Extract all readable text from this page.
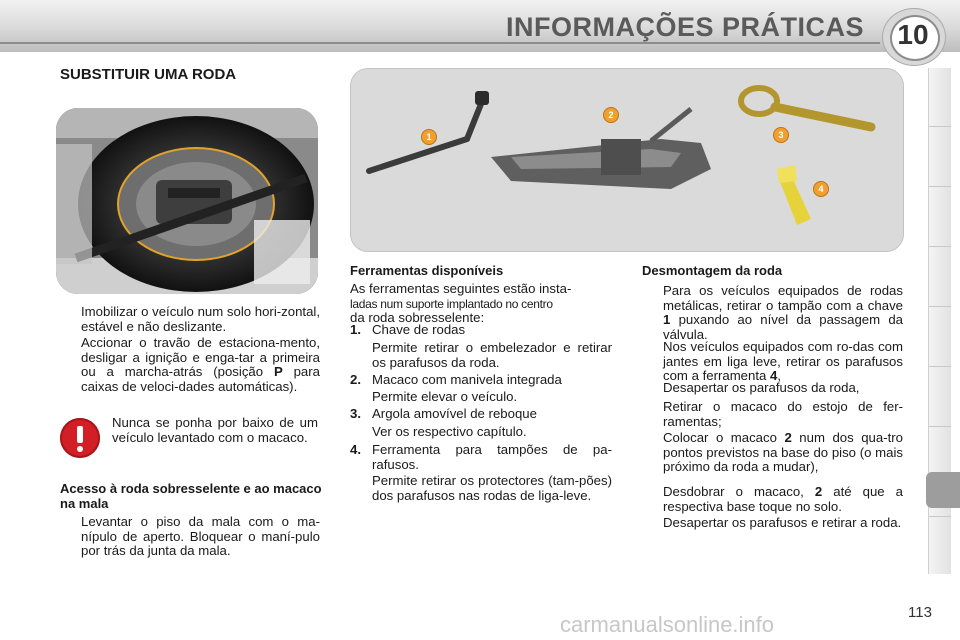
INFORMAÇÕES PRÁTICAS	10
SUBSTITUIR UMA RODA
1
2
3
4
Imobilizar o veículo num solo hori-zontal, estável e não deslizante.
Accionar o travão de estaciona-mento, desligar a ignição e enga-tar a primeira ou a marcha-atrás (posição P para caixas de veloci-dades automáticas).
Nunca se ponha por baixo de um veículo levantado com o macaco.
Acesso à roda sobresselente e ao macaco na mala
Levantar o piso da mala com o ma-nípulo de aperto. Bloquear o maní-pulo por trás da junta da mala.
Ferramentas disponíveis
As ferramentas seguintes estão insta-
ladas num suporte implantado no centro
da roda sobresselente:
1. Chave de rodas
Permite retirar o embelezador e retirar os parafusos da roda.
2. Macaco com manivela integrada
Permite elevar o veículo.
3. Argola amovível de reboque
Ver os respectivo capítulo.
4. Ferramenta para tampões de pa-rafusos.
Permite retirar os protectores (tam-pões) dos parafusos nas rodas de liga-leve.
Desmontagem da roda
Para os veículos equipados de rodas metálicas, retirar o tampão com a chave 1 puxando ao nível da passagem da válvula.
Nos veículos equipados com ro-das com jantes em liga leve, retirar os parafusos com a ferramenta 4,
Desapertar os parafusos da roda,
Retirar o macaco do estojo de fer-ramentas;
Colocar o macaco 2 num dos qua-tro pontos previstos na base do piso (o mais próximo da roda a mudar),
Desdobrar o macaco, 2 até que a respectiva base toque no solo.
Desapertar os parafusos e retirar a roda.
113
carmanualsonline.info
